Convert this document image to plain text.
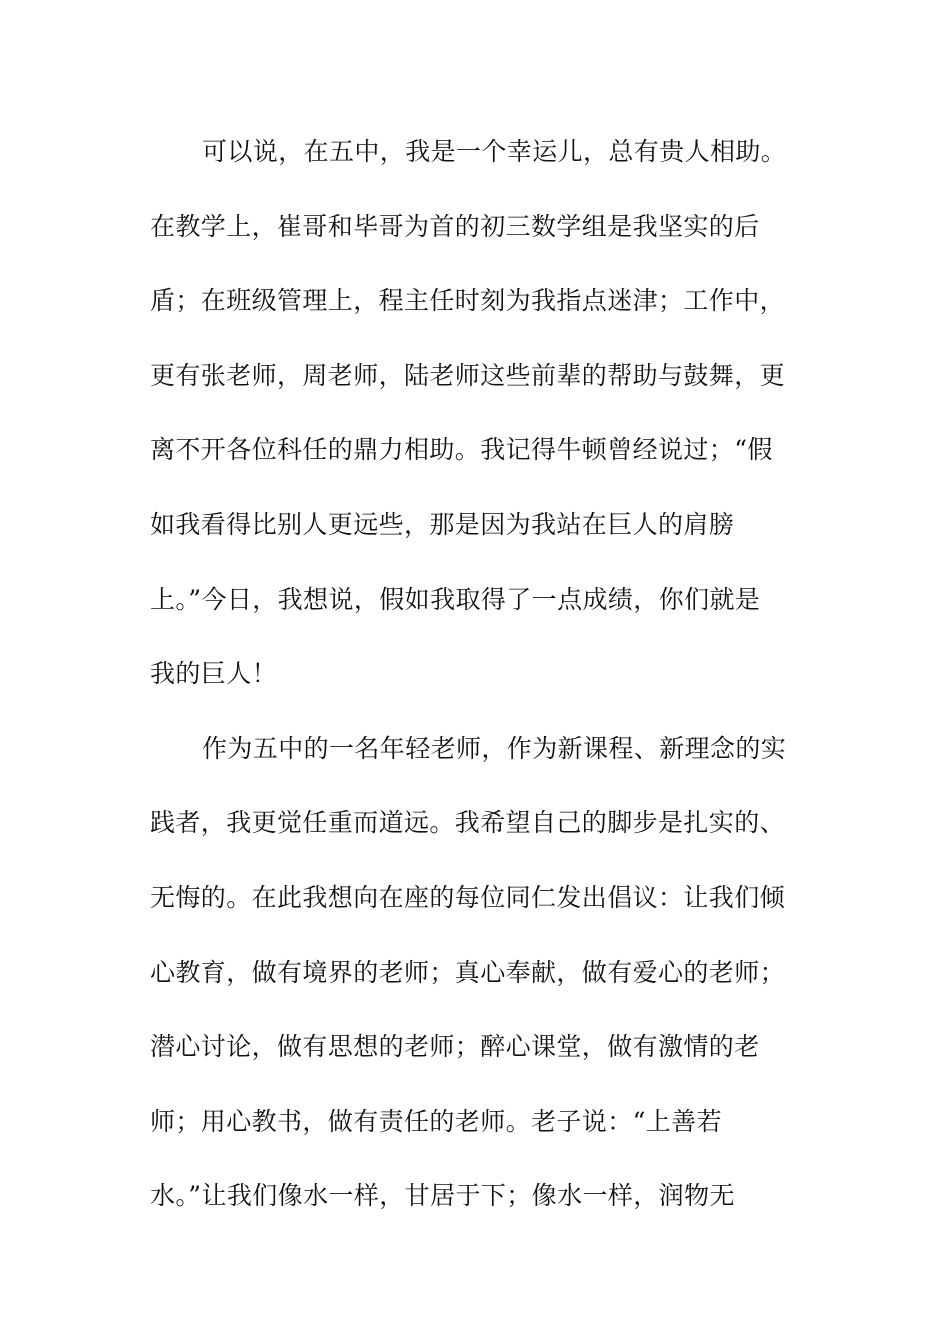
可以说，在五中，我是一个幸运儿，总有贵人相助。
在教学上，崔哥和毕哥为首的初三数学组是我坚实的后
盾；在班级管理上，程主任时刻为我指点迷津；工作中，
更有张老师，周老师，陆老师这些前辈的帮助与鼓舞，更
离不开各位科任的鼎力相助。我记得牛顿曾经说过；“假
如我看得比别人更远些，那是因为我站在巨人的肩膀
上。”今日，我想说，假如我取得了一点成绩，你们就是
我的巨人！
作为五中的一名年轻老师，作为新课程、新理念的实
践者，我更觉任重而道远。我希望自己的脚步是扎实的、
无悔的。在此我想向在座的每位同仁发出倡议：让我们倾
心教育，做有境界的老师；真心奉献，做有爱心的老师；
潜心讨论，做有思想的老师；醉心课堂，做有激情的老
师；用心教书，做有责任的老师。老子说：“上善若
水。”让我们像水一样，甘居于下；像水一样，润物无
